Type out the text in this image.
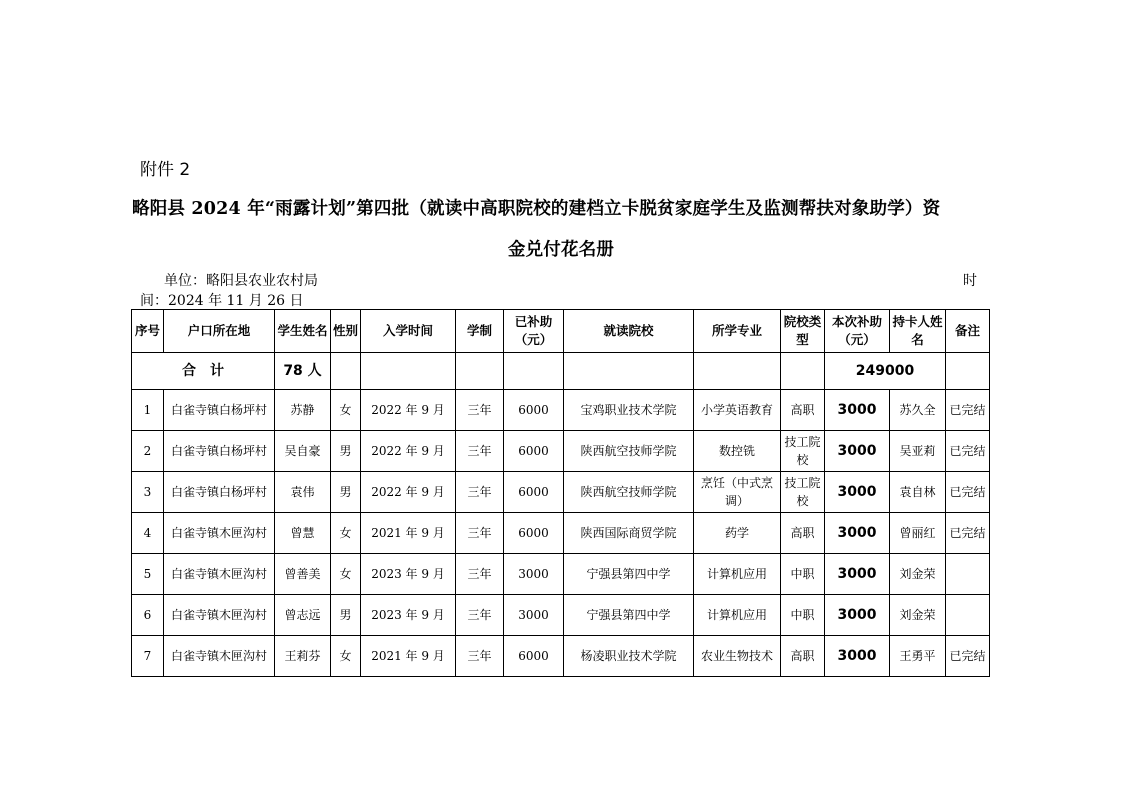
附件 2
略阳县 2024 年“雨露计划”第四批（就读中高职院校的建档立卡脱贫家庭学生及监测帮扶对象助学）资
金兑付花名册
单位：略阳县农业农村局	时
间：2024 年 11 月 26 日
序号	户口所在地	学生姓名	性别	入学时间	学制	已补助（元）	就读院校	所学专业	院校类型	本次补助（元）	持卡人姓名	备注
合　计		78 人								249000		
1	白雀寺镇白杨坪村	苏静	女	2022 年 9 月	三年	6000	宝鸡职业技术学院	小学英语教育	高职	3000	苏久全	已完结
2	白雀寺镇白杨坪村	吴自豪	男	2022 年 9 月	三年	6000	陕西航空技师学院	数控铣	技工院校	3000	吴亚莉	已完结
3	白雀寺镇白杨坪村	袁伟	男	2022 年 9 月	三年	6000	陕西航空技师学院	烹饪（中式烹调）	技工院校	3000	袁自林	已完结
4	白雀寺镇木匣沟村	曾慧	女	2021 年 9 月	三年	6000	陕西国际商贸学院	药学	高职	3000	曾丽红	已完结
5	白雀寺镇木匣沟村	曾善美	女	2023 年 9 月	三年	3000	宁强县第四中学	计算机应用	中职	3000	刘金荣	
6	白雀寺镇木匣沟村	曾志远	男	2023 年 9 月	三年	3000	宁强县第四中学	计算机应用	中职	3000	刘金荣	
7	白雀寺镇木匣沟村	王莉芬	女	2021 年 9 月	三年	6000	杨凌职业技术学院	农业生物技术	高职	3000	王勇平	已完结
